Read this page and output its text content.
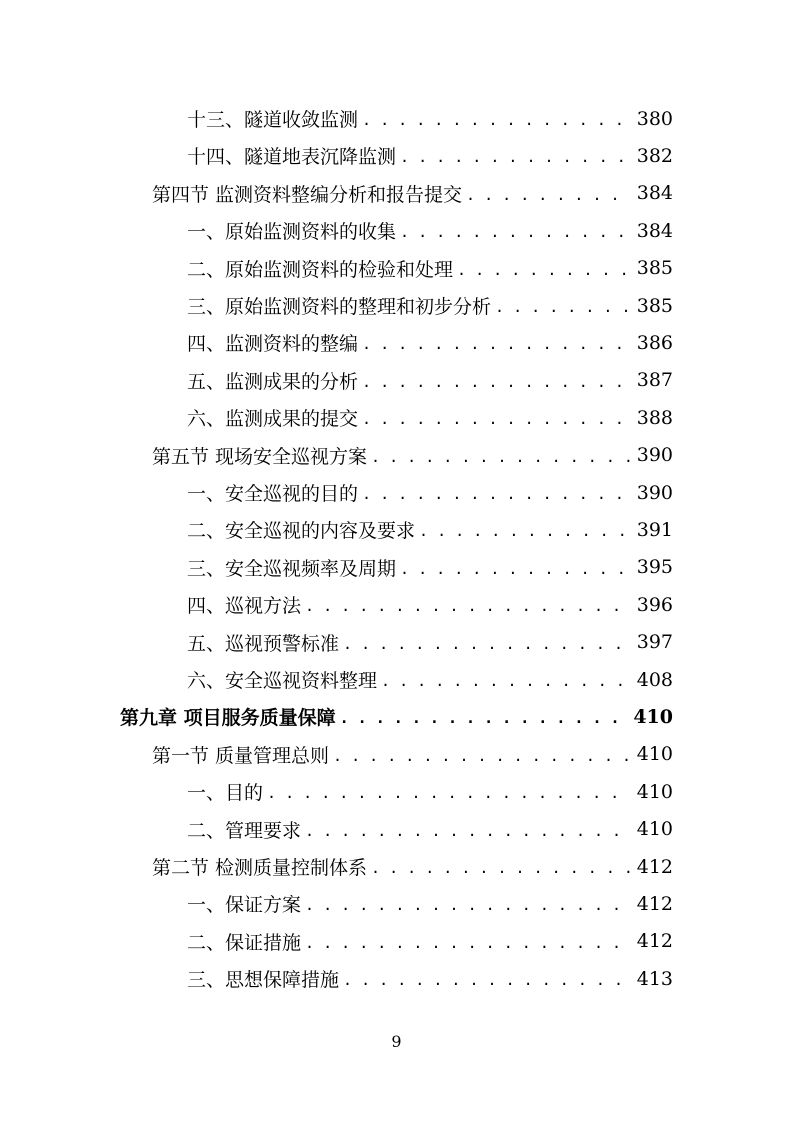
十三、隧道收敛监测 . . .	380
十四、隧道地表沉降监测 . . .	382
第四节 监测资料整编分析和报告提交 . . .	384
一、原始监测资料的收集 . . .	384
二、原始监测资料的检验和处理 . . .	385
三、原始监测资料的整理和初步分析 . . .	385
四、监测资料的整编 . . .	386
五、监测成果的分析 . . .	387
六、监测成果的提交 . . .	388
第五节 现场安全巡视方案 . . .	390
一、安全巡视的目的 . . .	390
二、安全巡视的内容及要求 . . .	391
三、安全巡视频率及周期 . . .	395
四、巡视方法 . . .	396
五、巡视预警标准 . . .	397
六、安全巡视资料整理 . . .	408
第九章 项目服务质量保障 . . .	410
第一节 质量管理总则 . . .	410
一、目的 . . .	410
二、管理要求 . . .	410
第二节 检测质量控制体系 . . .	412
一、保证方案 . . .	412
二、保证措施 . . .	412
三、思想保障措施 . . .	413
9
